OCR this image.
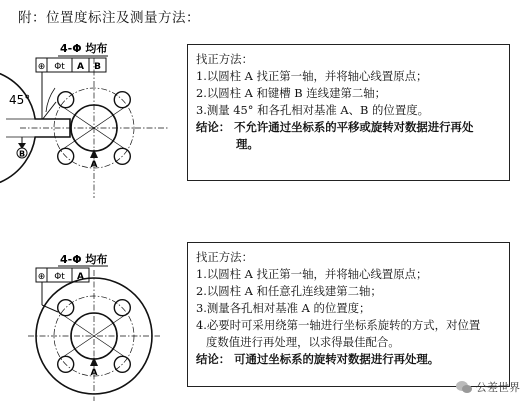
附：位置度标注及测量方法：
4-Φ 均布
⊕ Φt A B
45°
A
B
4-Φ 均布
⊕ Φt A
A
找正方法：
1.以圆柱 A 找正第一轴，并将轴心线置原点；
2.以圆柱 A 和键槽 B 连线建第二轴；
3.测量 45° 和各孔相对基准 A、B 的位置度。
结论： 不允许通过坐标系的平移或旋转对数据进行再处
理。
找正方法：
1.以圆柱 A 找正第一轴，并将轴心线置原点；
2.以圆柱 A 和任意孔连线建第二轴；
3.测量各孔相对基准 A 的位置度；
4.必要时可采用绕第一轴进行坐标系旋转的方式，对位置
度数值进行再处理，以求得最佳配合。
结论： 可通过坐标系的旋转对数据进行再处理。
公差世界
